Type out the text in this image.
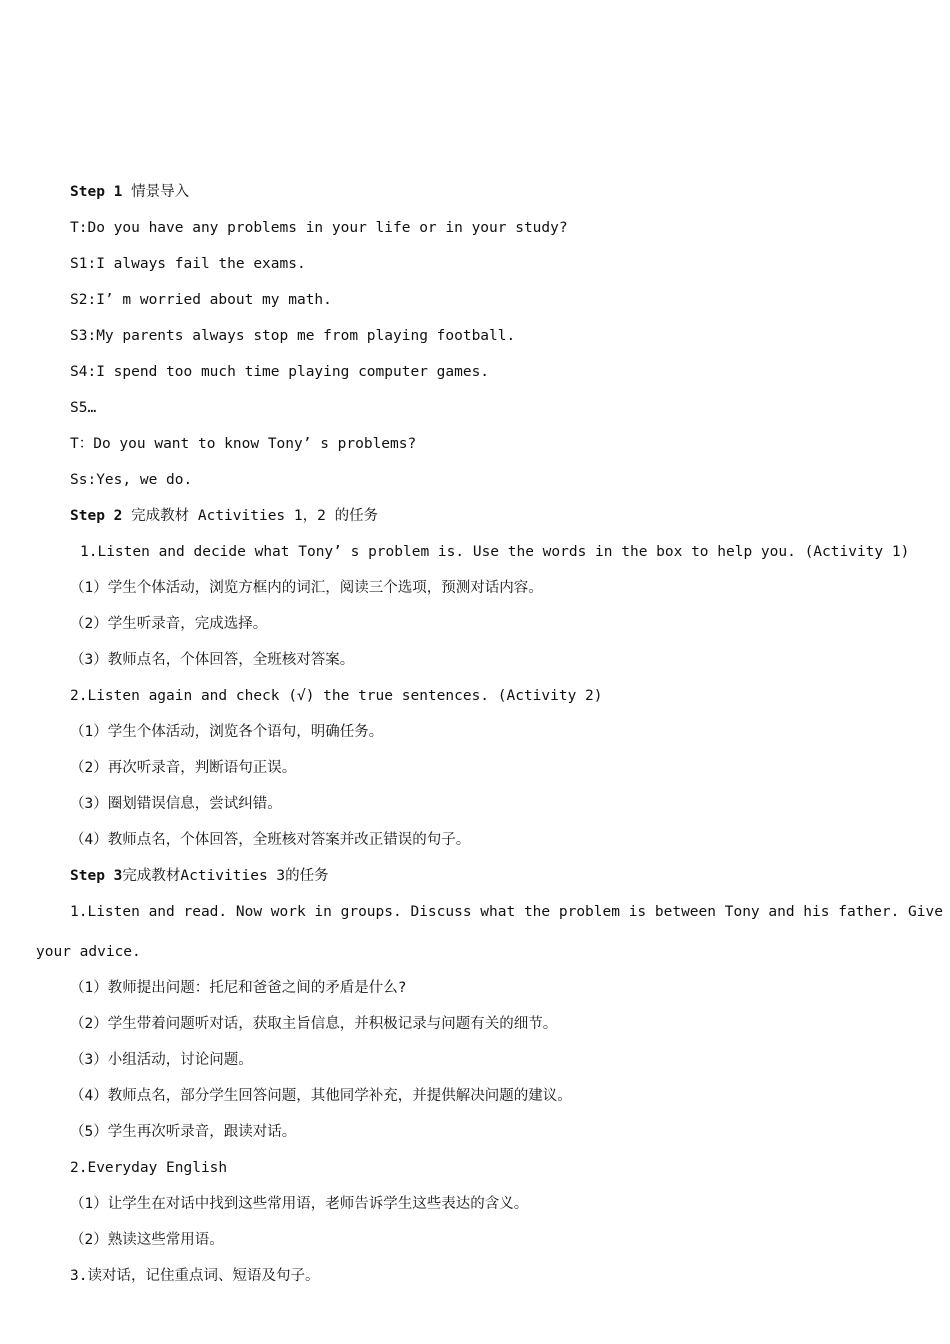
Step 1 情景导入
T:Do you have any problems in your life or in your study?
S1:I always fail the exams.
S2:I’ m worried about my math.
S3:My parents always stop me from playing football.
S4:I spend too much time playing computer games.
S5…
T：Do you want to know Tony’ s problems?
Ss:Yes, we do.
Step 2 完成教材 Activities 1，2 的任务
1.Listen and decide what Tony’ s problem is. Use the words in the box to help you. (Activity 1)
（1）学生个体活动，浏览方框内的词汇，阅读三个选项，预测对话内容。
（2）学生听录音，完成选择。
（3）教师点名，个体回答，全班核对答案。
2.Listen again and check (√) the true sentences. (Activity 2)
（1）学生个体活动，浏览各个语句，明确任务。
（2）再次听录音，判断语句正误。
（3）圈划错误信息，尝试纠错。
（4）教师点名，个体回答，全班核对答案并改正错误的句子。
Step 3完成教材Activities 3的任务
1.Listen and read. Now work in groups. Discuss what the problem is between Tony and his father. Give
your advice.
（1）教师提出问题：托尼和爸爸之间的矛盾是什么?
（2）学生带着问题听对话，获取主旨信息，并积极记录与问题有关的细节。
（3）小组活动，讨论问题。
（4）教师点名，部分学生回答问题，其他同学补充，并提供解决问题的建议。
（5）学生再次听录音，跟读对话。
2.Everyday English
（1）让学生在对话中找到这些常用语，老师告诉学生这些表达的含义。
（2）熟读这些常用语。
3.读对话，记住重点词、短语及句子。
